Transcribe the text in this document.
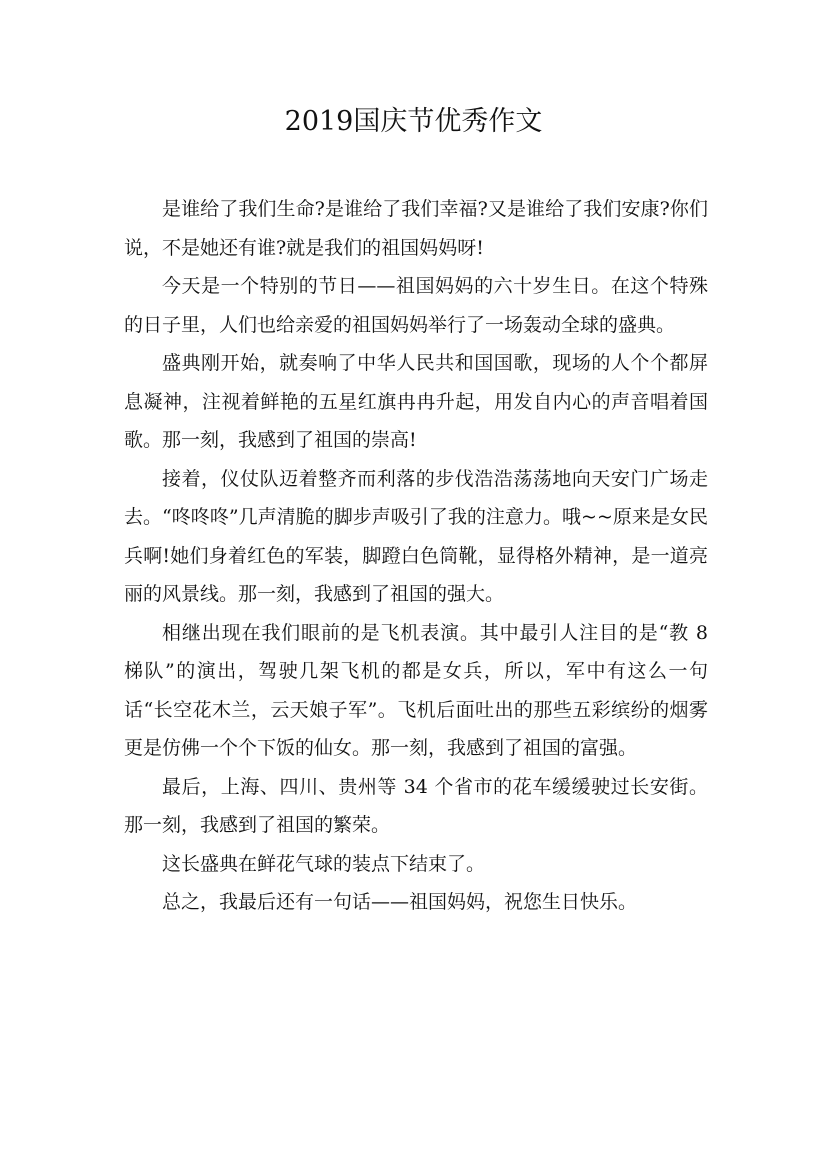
2019国庆节优秀作文

是谁给了我们生命?是谁给了我们幸福?又是谁给了我们安康?你们说，不是她还有谁?就是我们的祖国妈妈呀!

今天是一个特别的节日——祖国妈妈的六十岁生日。在这个特殊的日子里，人们也给亲爱的祖国妈妈举行了一场轰动全球的盛典。

盛典刚开始，就奏响了中华人民共和国国歌，现场的人个个都屏息凝神，注视着鲜艳的五星红旗冉冉升起，用发自内心的声音唱着国歌。那一刻，我感到了祖国的崇高!

接着，仪仗队迈着整齐而利落的步伐浩浩荡荡地向天安门广场走去。“咚咚咚”几声清脆的脚步声吸引了我的注意力。哦~~原来是女民兵啊!她们身着红色的军装，脚蹬白色筒靴，显得格外精神，是一道亮丽的风景线。那一刻，我感到了祖国的强大。

相继出现在我们眼前的是飞机表演。其中最引人注目的是“教 8 梯队”的演出，驾驶几架飞机的都是女兵，所以，军中有这么一句话“长空花木兰，云天娘子军”。飞机后面吐出的那些五彩缤纷的烟雾更是仿佛一个个下饭的仙女。那一刻，我感到了祖国的富强。

最后，上海、四川、贵州等 34 个省市的花车缓缓驶过长安街。那一刻，我感到了祖国的繁荣。

这长盛典在鲜花气球的装点下结束了。

总之，我最后还有一句话——祖国妈妈，祝您生日快乐。
